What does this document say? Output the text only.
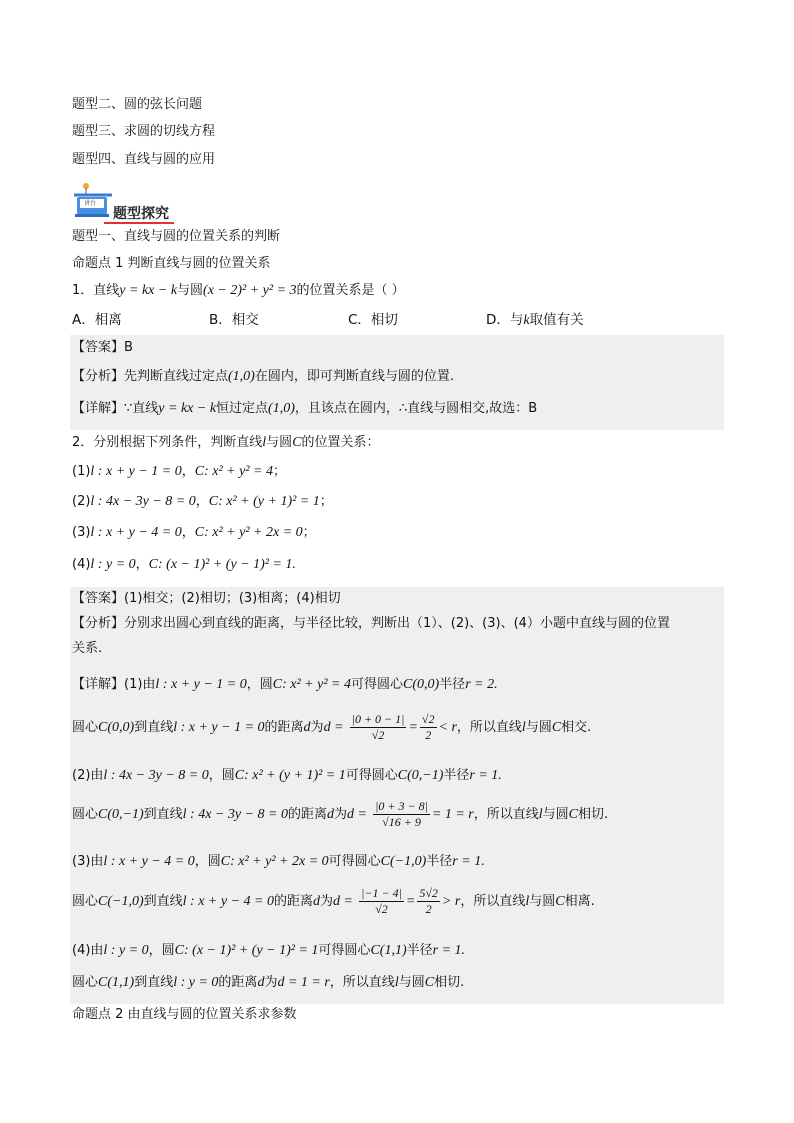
题型二、圆的弦长问题
题型三、求圆的切线方程
题型四、直线与圆的应用
讲台
题型探究
题型一、直线与圆的位置关系的判断
命题点 1 判断直线与圆的位置关系
1．直线y = kx − k与圆(x − 2)² + y² = 3的位置关系是（ ）
A．相离	B．相交	C．相切	D．与k取值有关
【答案】B
【分析】先判断直线过定点(1,0)在圆内，即可判断直线与圆的位置.
【详解】∵直线y = kx − k恒过定点(1,0)，且该点在圆内，∴直线与圆相交,故选：B
2．分别根据下列条件，判断直线l与圆C的位置关系：
(1)l : x + y − 1 = 0，C: x² + y² = 4；
(2)l : 4x − 3y − 8 = 0，C: x² + (y + 1)² = 1；
(3)l : x + y − 4 = 0，C: x² + y² + 2x = 0；
(4)l : y = 0，C: (x − 1)² + (y − 1)² = 1.
【答案】(1)相交；(2)相切；(3)相离；(4)相切
【分析】分别求出圆心到直线的距离，与半径比较，判断出（1）、(2)、(3)、(4）小题中直线与圆的位置
关系.
【详解】(1)由l : x + y − 1 = 0，圆C: x² + y² = 4可得圆心C(0,0)半径r = 2.
圆心C(0,0)到直线l : x + y − 1 = 0的距离d为$d = \frac{|0 + 0 - 1|}{√2} = \frac{√2}{2} < r$，所以直线l与圆C相交.
(2)由l : 4x − 3y − 8 = 0，圆C: x² + (y + 1)² = 1可得圆心C(0,−1)半径r = 1.
圆心C(0,−1)到直线l : 4x − 3y − 8 = 0的距离d为$d = \frac{|0 + 3 - 8|}{√16 + 9} = 1 = r$，所以直线l与圆C相切.
(3)由l : x + y − 4 = 0，圆C: x² + y² + 2x = 0可得圆心C(−1,0)半径r = 1.
圆心C(−1,0)到直线l : x + y − 4 = 0的距离d为$d = \frac{|-1 - 4|}{√2} = \frac{5√2}{2} > r$，所以直线l与圆C相离.
(4)由l : y = 0，圆C: (x − 1)² + (y − 1)² = 1可得圆心C(1,1)半径r = 1.
圆心C(1,1)到直线l : y = 0的距离d为d = 1 = r，所以直线l与圆C相切.
命题点 2 由直线与圆的位置关系求参数
